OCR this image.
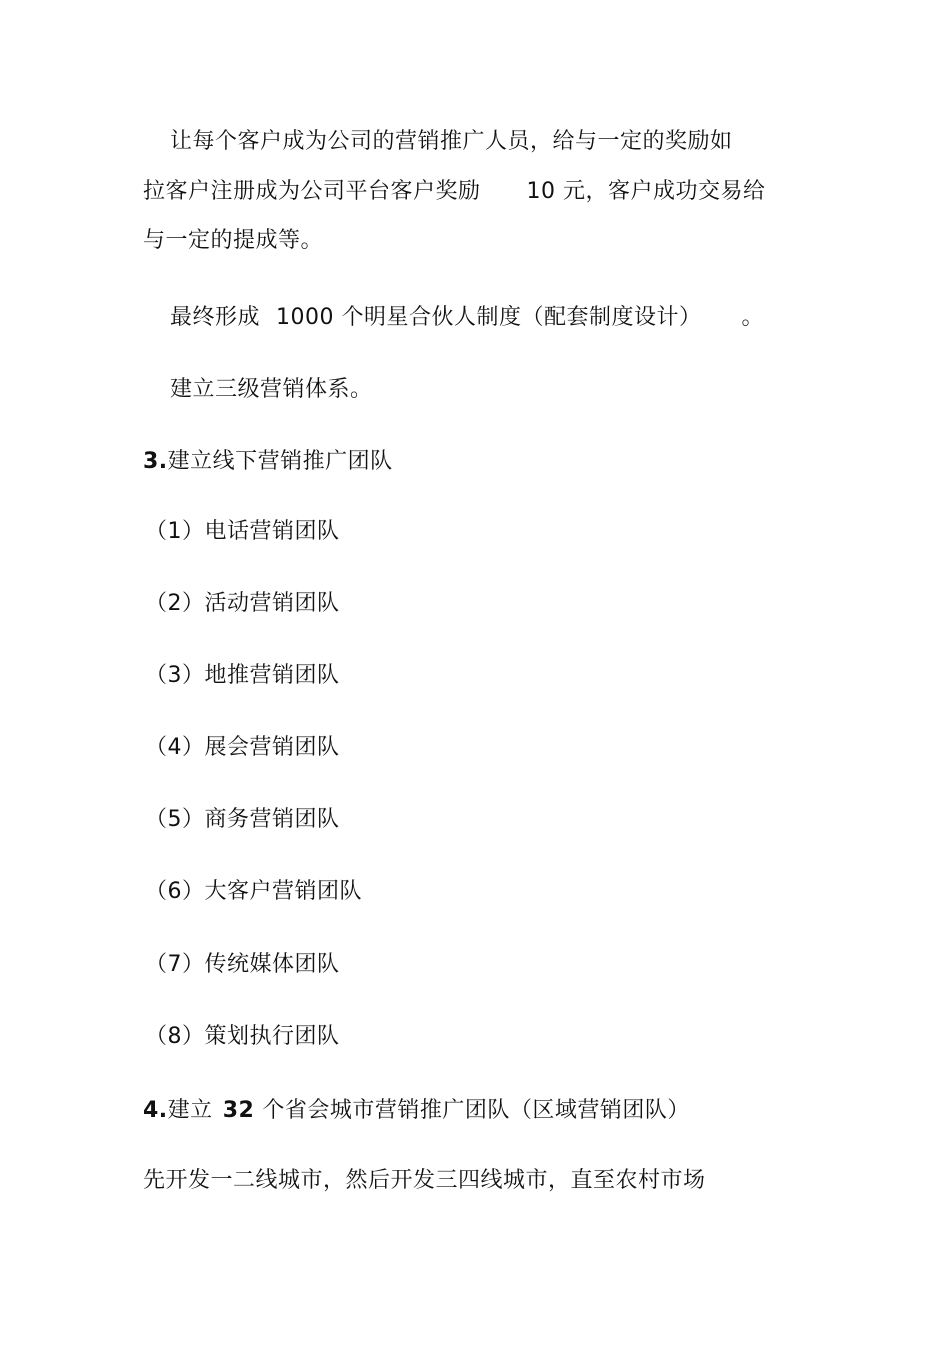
让每个客户成为公司的营销推广人员，给与一定的奖励如
拉客户注册成为公司平台客户奖励 10 元，客户成功交易给
与一定的提成等。
最终形成 1000 个明星合伙人制度（配套制度设计） 。
建立三级营销体系。
3.建立线下营销推广团队
（1）电话营销团队
（2）活动营销团队
（3）地推营销团队
（4）展会营销团队
（5）商务营销团队
（6）大客户营销团队
（7）传统媒体团队
（8）策划执行团队
4.建立 32 个省会城市营销推广团队（区域营销团队）
先开发一二线城市，然后开发三四线城市，直至农村市场
